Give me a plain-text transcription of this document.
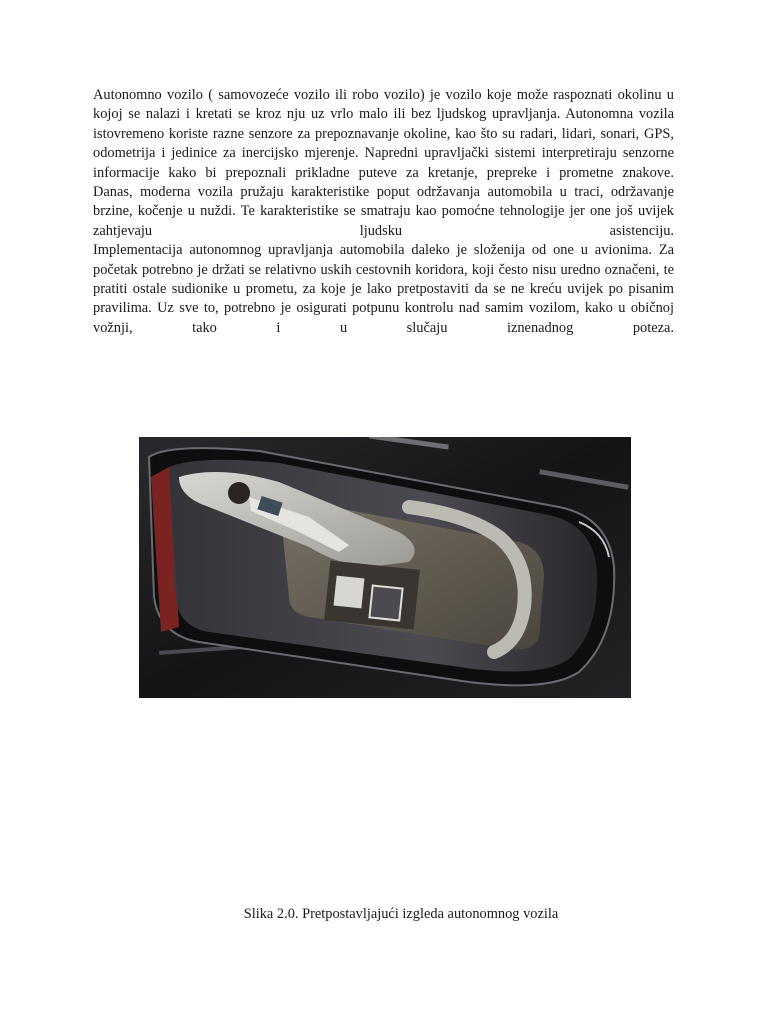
Autonomno vozilo ( samovozeće vozilo ili robo vozilo) je vozilo koje može raspoznati okolinu u kojoj se nalazi i kretati se kroz nju uz vrlo malo ili bez ljudskog upravljanja. Autonomna vozila istovremeno koriste razne senzore za prepoznavanje okoline, kao što su radari, lidari, sonari, GPS, odometrija i jedinice za inercijsko mjerenje. Napredni upravljački sistemi interpretiraju senzorne informacije kako bi prepoznali prikladne puteve za kretanje, prepreke i prometne znakove.

Danas, moderna vozila pružaju karakteristike poput održavanja automobila u traci, održavanje brzine, kočenje u nuždi. Te karakteristike se smatraju kao pomoćne tehnologije jer one još uvijek zahtjevaju ljudsku asistenciju.

Implementacija autonomnog upravljanja automobila daleko je složenija od one u avionima. Za početak potrebno je držati se relativno uskih cestovnih koridora, koji često nisu uredno označeni, te pratiti ostale sudionike u prometu, za koje je lako pretpostaviti da se ne kreću uvijek po pisanim pravilima. Uz sve to, potrebno je osigurati potpunu kontrolu nad samim vozilom, kako u običnoj vožnji, tako i u slučaju iznenadnog poteza.

Slika 2.0. Pretpostavljajući izgleda autonomnog vozila
